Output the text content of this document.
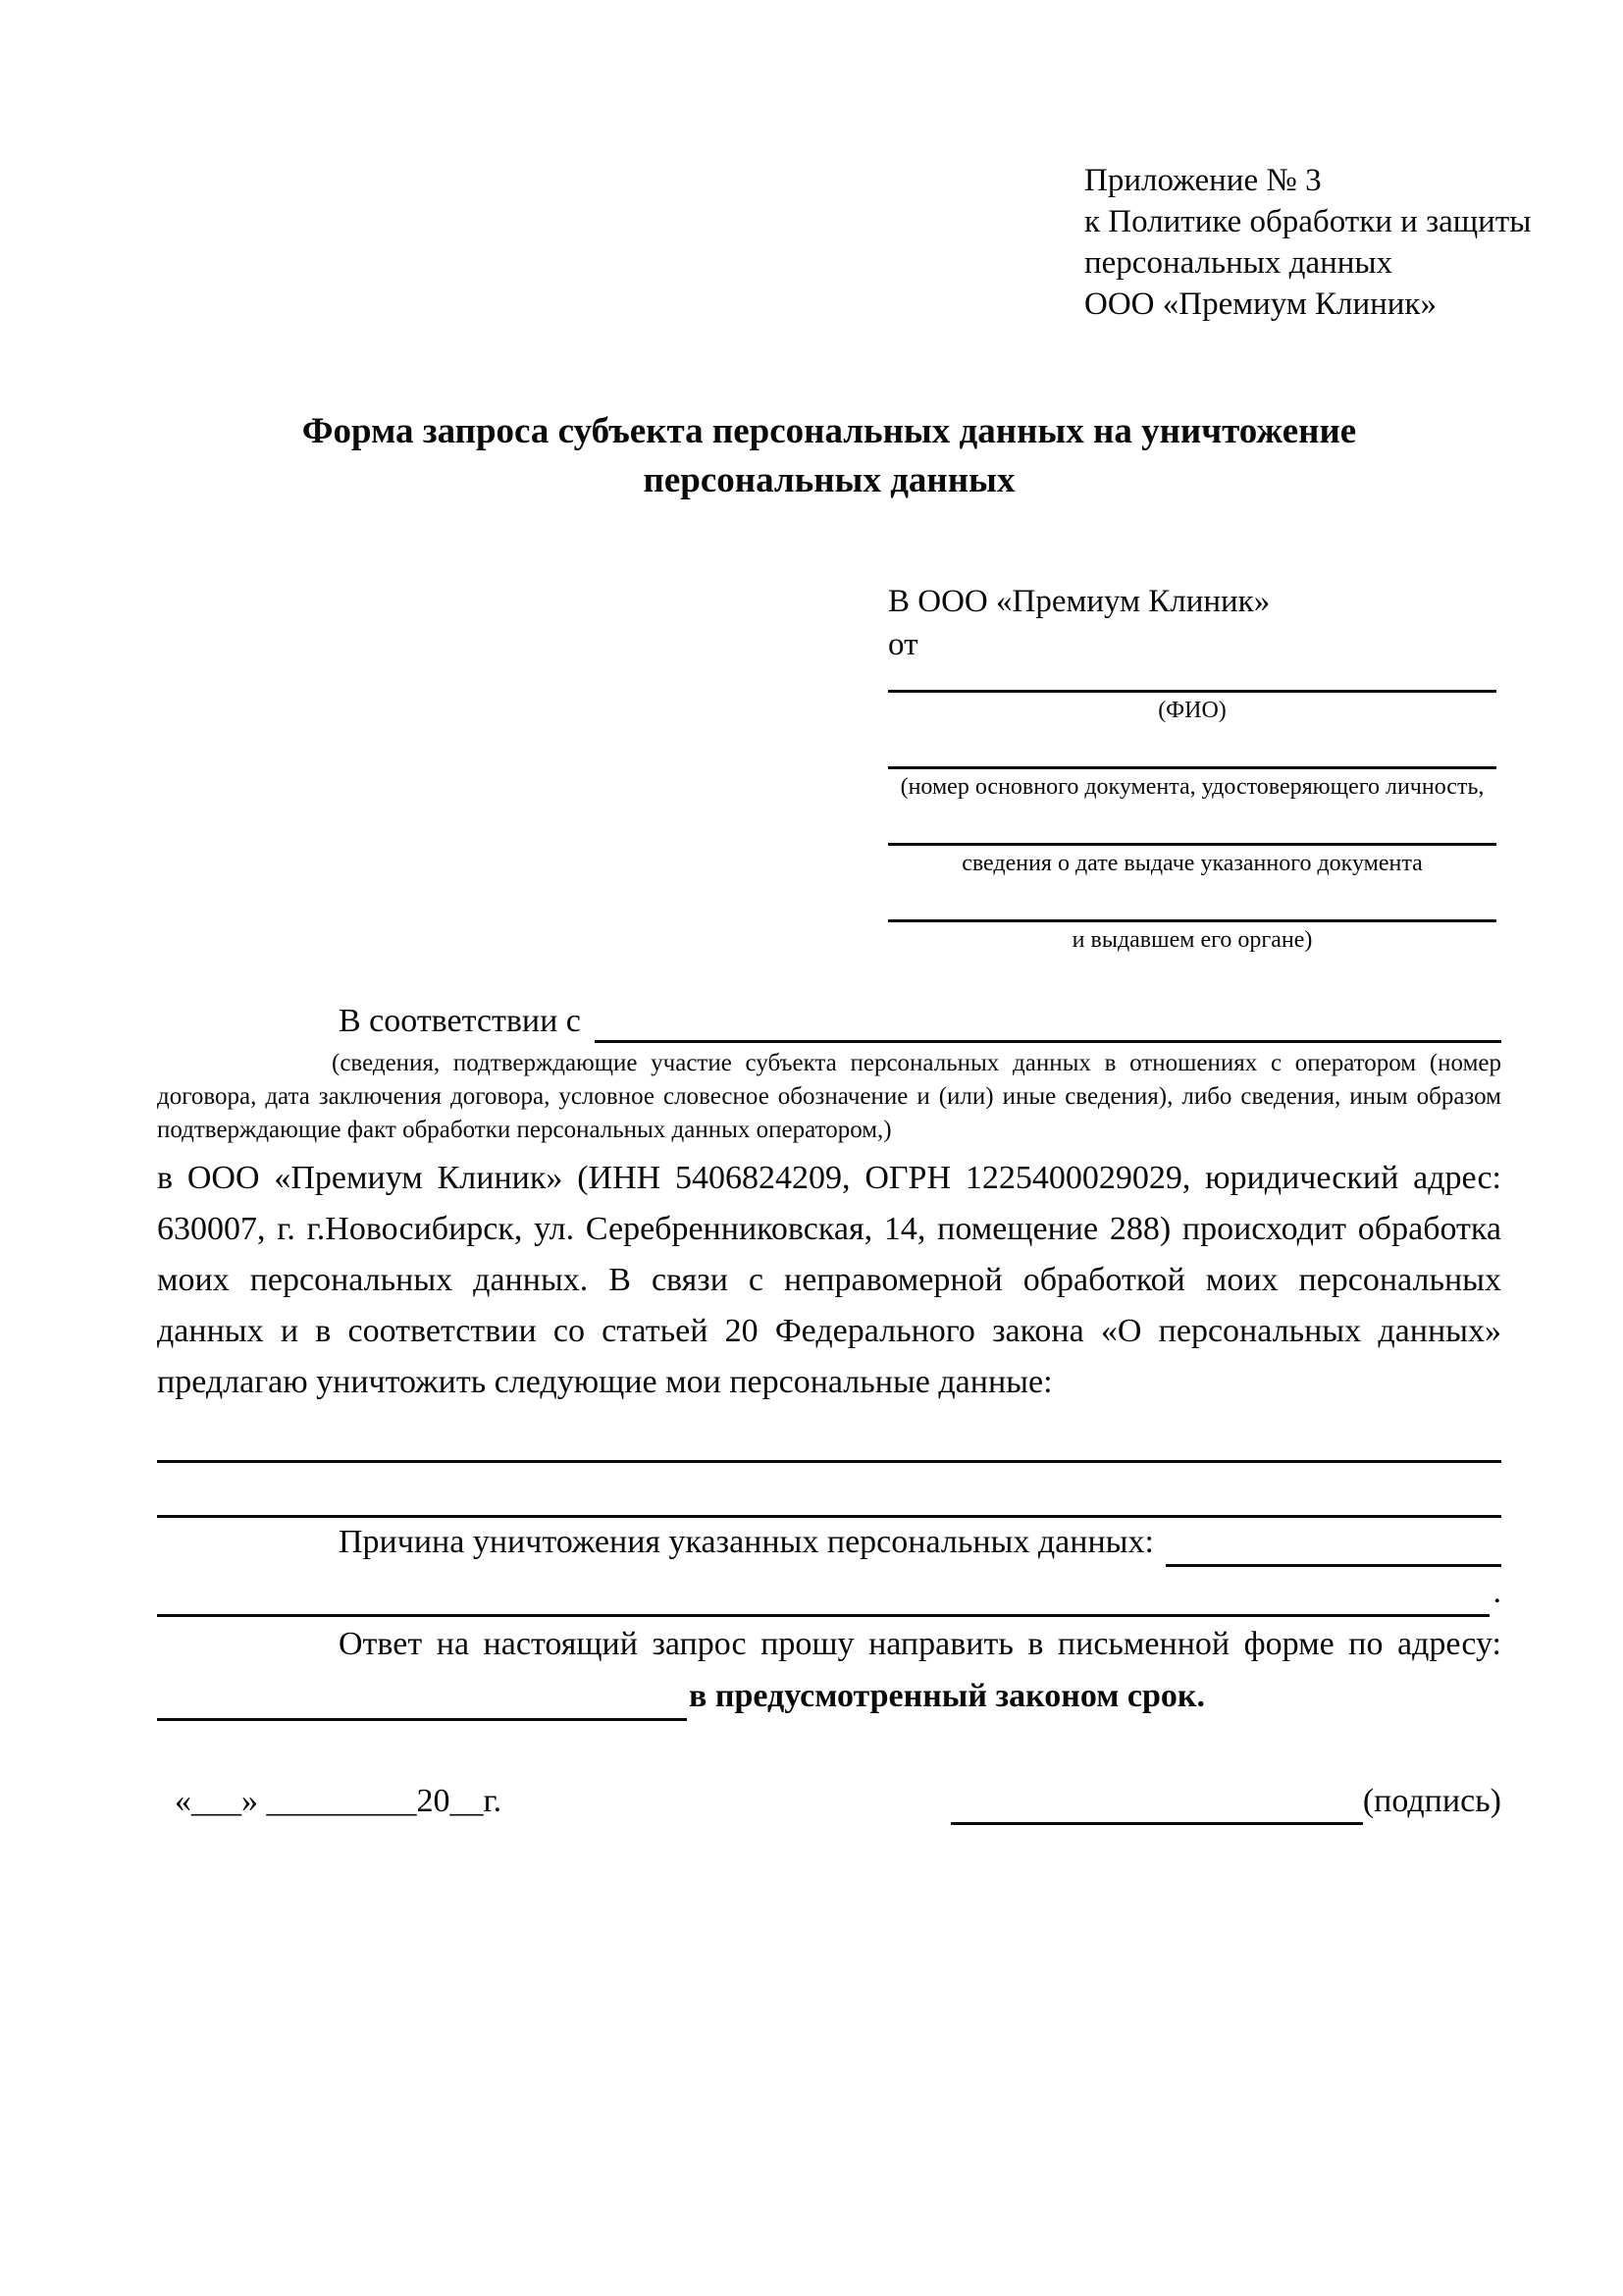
Приложение № 3
к Политике обработки и защиты
персональных данных
ООО «Премиум Клиник»
Форма запроса субъекта персональных данных на уничтожение персональных данных
В ООО «Премиум Клиник»
от
(ФИО)
(номер основного документа, удостоверяющего личность,
сведения о дате выдаче указанного документа
и выдавшем его органе)
В соответствии с

(сведения, подтверждающие участие субъекта персональных данных в отношениях с оператором (номер договора, дата заключения договора, условное словесное обозначение и (или) иные сведения), либо сведения, иным образом подтверждающие факт обработки персональных данных оператором,)

в ООО «Премиум Клиник» (ИНН 5406824209, ОГРН 1225400029029, юридический адрес: 630007, г. г.Новосибирск, ул. Серебренниковская, 14, помещение 288) происходит обработка моих персональных данных. В связи с неправомерной обработкой моих персональных данных и в соответствии со статьей 20 Федерального закона «О персональных данных» предлагаю уничтожить следующие мои персональные данные:

Причина уничтожения указанных персональных данных:
.
Ответ на настоящий запрос прошу направить в письменной форме по адресу:
в предусмотренный законом срок.
«___» _________20__г.	(подпись)
